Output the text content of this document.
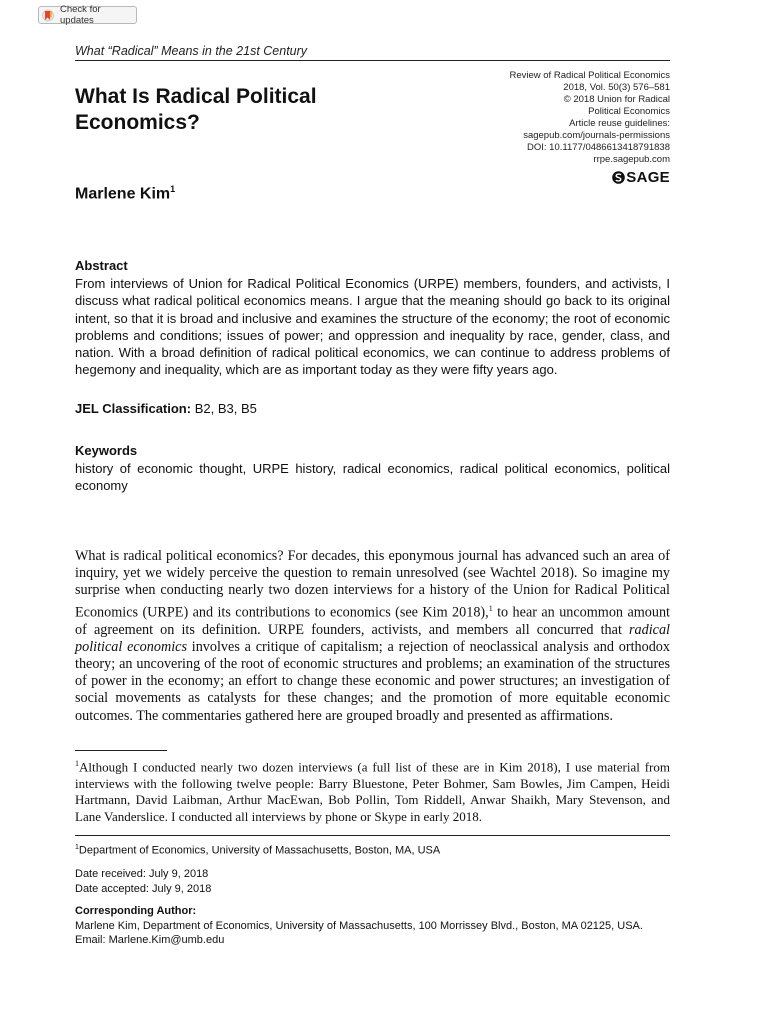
Check for updates
What “Radical” Means in the 21st Century
Review of Radical Political Economics
2018, Vol. 50(3) 576–581
© 2018 Union for Radical
Political Economics
Article reuse guidelines:
sagepub.com/journals-permissions
DOI: 10.1177/0486613418791838
rrpe.sagepub.com
SAGE
What Is Radical Political Economics?

Marlene Kim$^1$

Abstract

From interviews of Union for Radical Political Economics (URPE) members, founders, and activists, I discuss what radical political economics means. I argue that the meaning should go back to its original intent, so that it is broad and inclusive and examines the structure of the economy; the root of economic problems and conditions; issues of power; and oppression and inequality by race, gender, class, and nation. With a broad definition of radical political economics, we can continue to address problems of hegemony and inequality, which are as important today as they were fifty years ago.

JEL Classification: B2, B3, B5

Keywords

history of economic thought, URPE history, radical economics, radical political economics, political economy

What is radical political economics? For decades, this eponymous journal has advanced such an area of inquiry, yet we widely perceive the question to remain unresolved (see Wachtel 2018). So imagine my surprise when conducting nearly two dozen interviews for a history of the Union for Radical Political Economics (URPE) and its contributions to economics (see Kim 2018),$^1$ to hear an uncommon amount of agreement on its definition. URPE founders, activists, and members all concurred that radical political economics involves a critique of capitalism; a rejection of neoclassical analysis and orthodox theory; an uncovering of the root of economic structures and problems; an examination of the structures of power in the economy; an effort to change these economic and power structures; an investigation of social movements as catalysts for these changes; and the promotion of more equitable economic outcomes. The commentaries gathered here are grouped broadly and presented as affirmations.

$^1$Although I conducted nearly two dozen interviews (a full list of these are in Kim 2018), I use material from interviews with the following twelve people: Barry Bluestone, Peter Bohmer, Sam Bowles, Jim Campen, Heidi Hartmann, David Laibman, Arthur MacEwan, Bob Pollin, Tom Riddell, Anwar Shaikh, Mary Stevenson, and Lane Vanderslice. I conducted all interviews by phone or Skype in early 2018.

$^1$Department of Economics, University of Massachusetts, Boston, MA, USA
Date received: July 9, 2018
Date accepted: July 9, 2018
Corresponding Author:
Marlene Kim, Department of Economics, University of Massachusetts, 100 Morrissey Blvd., Boston, MA 02125, USA.
Email: Marlene.Kim@umb.edu
